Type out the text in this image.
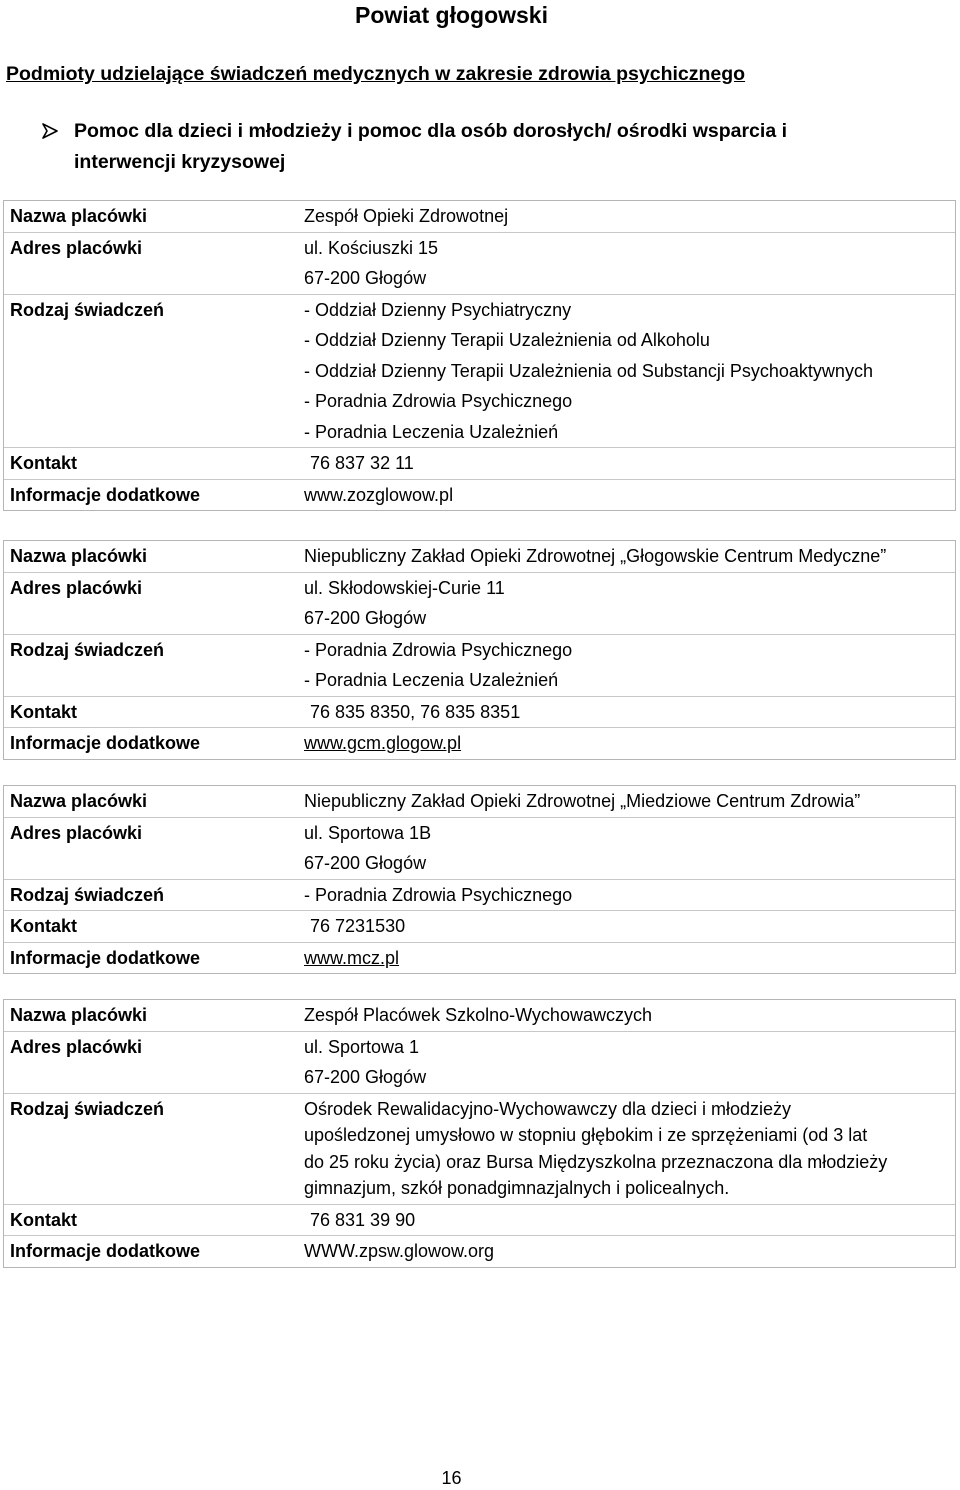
Powiat głogowski
Podmioty udzielające świadczeń medycznych w zakresie zdrowia psychicznego
Pomoc dla dzieci i młodzieży i pomoc dla osób dorosłych/ ośrodki wsparcia i
interwencji kryzysowej
Nazwa placówki	Zespół Opieki Zdrowotnej
Adres placówki	ul. Kościuszki 15
67-200 Głogów
Rodzaj świadczeń	- Oddział Dzienny Psychiatryczny
- Oddział Dzienny Terapii Uzależnienia od Alkoholu
- Oddział Dzienny Terapii Uzależnienia od Substancji Psychoaktywnych
- Poradnia Zdrowia Psychicznego
- Poradnia Leczenia Uzależnień
Kontakt	76 837 32 11
Informacje dodatkowe	www.zozglowow.pl
Nazwa placówki	Niepubliczny Zakład Opieki Zdrowotnej „Głogowskie Centrum Medyczne”
Adres placówki	ul. Skłodowskiej-Curie 11
67-200 Głogów
Rodzaj świadczeń	- Poradnia Zdrowia Psychicznego
- Poradnia Leczenia Uzależnień
Kontakt	76 835 8350, 76 835 8351
Informacje dodatkowe	www.gcm.glogow.pl
Nazwa placówki	Niepubliczny Zakład Opieki Zdrowotnej „Miedziowe Centrum Zdrowia”
Adres placówki	ul. Sportowa 1B
67-200 Głogów
Rodzaj świadczeń	- Poradnia Zdrowia Psychicznego
Kontakt	76 7231530
Informacje dodatkowe	www.mcz.pl
Nazwa placówki	Zespół Placówek Szkolno-Wychowawczych
Adres placówki	ul. Sportowa 1
67-200 Głogów
Rodzaj świadczeń	Ośrodek Rewalidacyjno-Wychowawczy dla dzieci i młodzieży
upośledzonej umysłowo w stopniu głębokim i ze sprzężeniami (od 3 lat
do 25 roku życia) oraz Bursa Międzyszkolna przeznaczona dla młodzieży
gimnazjum, szkół ponadgimnazjalnych i policealnych.
Kontakt	76 831 39 90
Informacje dodatkowe	WWW.zpsw.glowow.org
16
